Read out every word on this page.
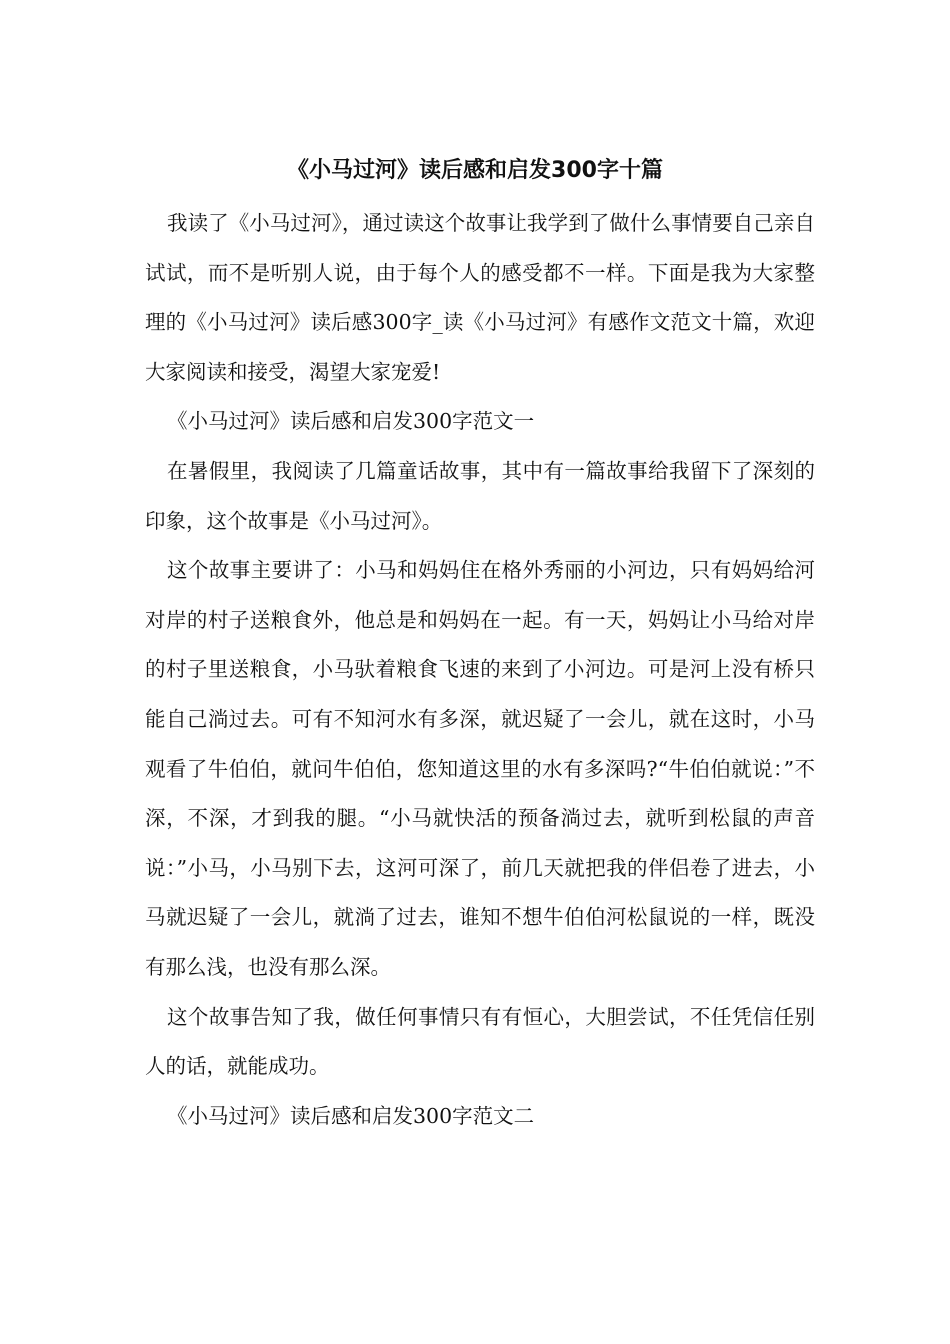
《小马过河》读后感和启发300字十篇

我读了《小马过河》，通过读这个故事让我学到了做什么事情要自己亲自试试，而不是听别人说，由于每个人的感受都不一样。下面是我为大家整理的《小马过河》读后感300字_读《小马过河》有感作文范文十篇，欢迎大家阅读和接受，渴望大家宠爱!

《小马过河》读后感和启发300字范文一

在暑假里，我阅读了几篇童话故事，其中有一篇故事给我留下了深刻的印象，这个故事是《小马过河》。

这个故事主要讲了：小马和妈妈住在格外秀丽的小河边，只有妈妈给河对岸的村子送粮食外，他总是和妈妈在一起。有一天，妈妈让小马给对岸的村子里送粮食，小马驮着粮食飞速的来到了小河边。可是河上没有桥只能自己淌过去。可有不知河水有多深，就迟疑了一会儿，就在这时，小马观看了牛伯伯，就问牛伯伯，您知道这里的水有多深吗?“牛伯伯就说：”不深，不深，才到我的腿。“小马就快活的预备淌过去，就听到松鼠的声音说：”小马，小马别下去，这河可深了，前几天就把我的伴侣卷了进去，小马就迟疑了一会儿，就淌了过去，谁知不想牛伯伯河松鼠说的一样，既没有那么浅，也没有那么深。

这个故事告知了我，做任何事情只有有恒心，大胆尝试，不任凭信任别人的话，就能成功。

《小马过河》读后感和启发300字范文二
